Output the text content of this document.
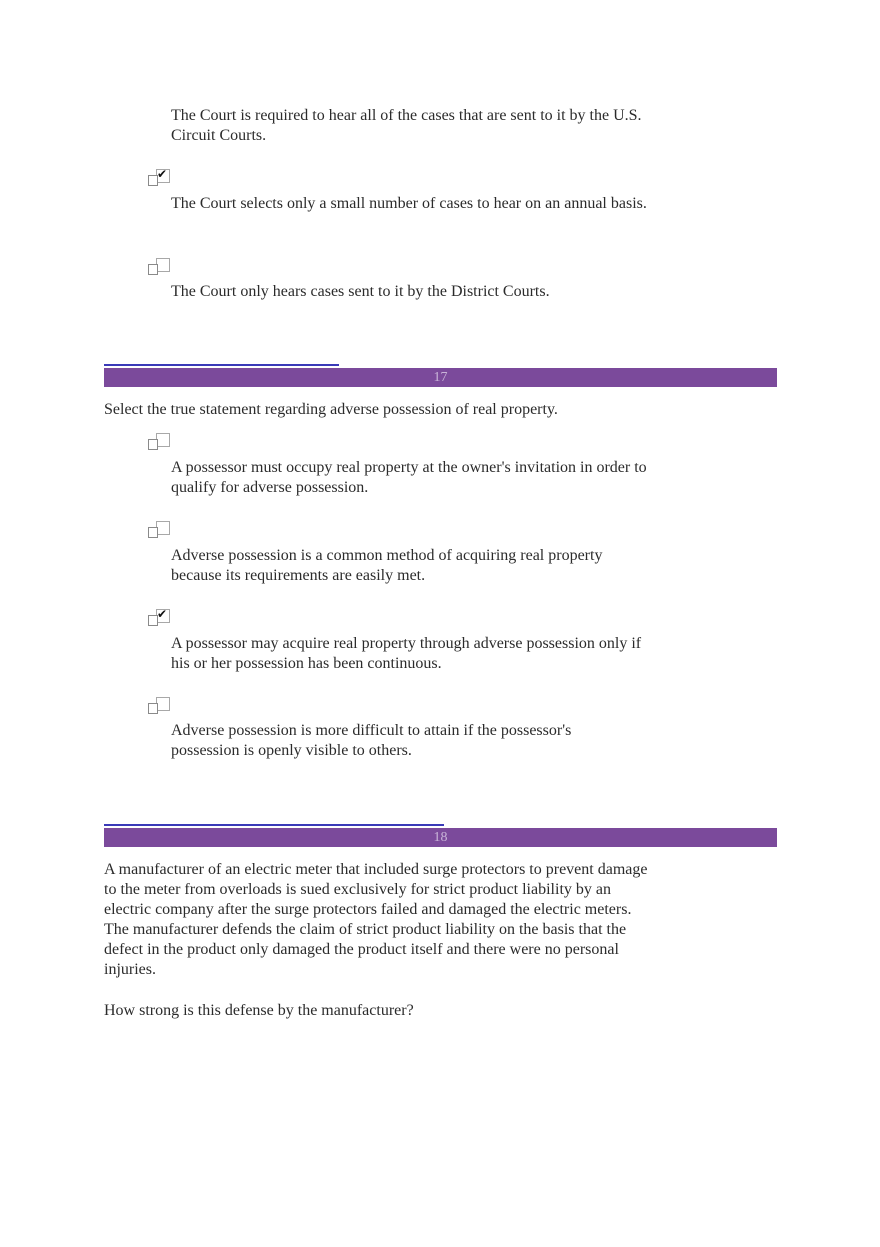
The Court is required to hear all of the cases that are sent to it by the U.S. Circuit Courts.
✔
The Court selects only a small number of cases to hear on an annual basis.
The Court only hears cases sent to it by the District Courts.
17
Select the true statement regarding adverse possession of real property.
A possessor must occupy real property at the owner's invitation in order to qualify for adverse possession.
Adverse possession is a common method of acquiring real property because its requirements are easily met.
✔
A possessor may acquire real property through adverse possession only if his or her possession has been continuous.
Adverse possession is more difficult to attain if the possessor's possession is openly visible to others.
18
A manufacturer of an electric meter that included surge protectors to prevent damage to the meter from overloads is sued exclusively for strict product liability by an electric company after the surge protectors failed and damaged the electric meters. The manufacturer defends the claim of strict product liability on the basis that the defect in the product only damaged the product itself and there were no personal injuries.
How strong is this defense by the manufacturer?
